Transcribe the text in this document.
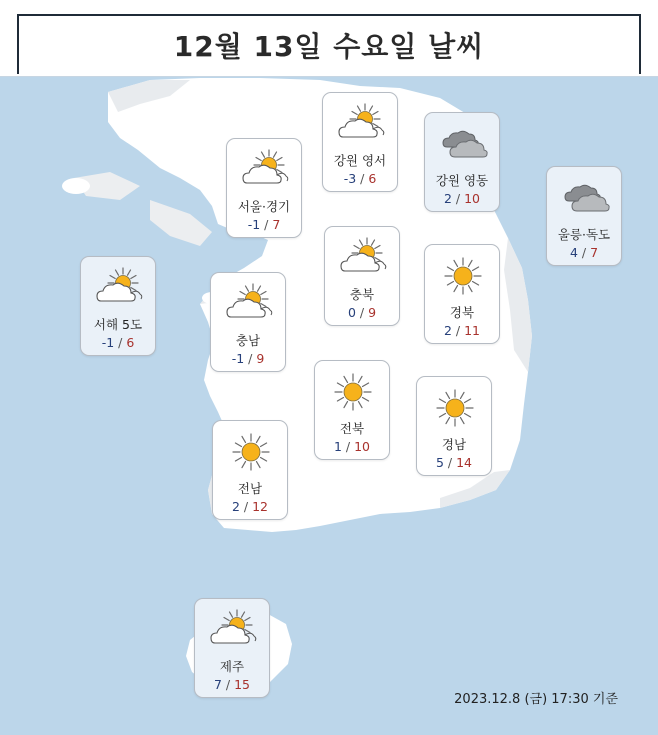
12월 13일 수요일 날씨
강원 영서
-3 / 6	강원 영동
2 / 10
서울·경기
-1 / 7
울릉·독도
4 / 7
서해 5도
-1 / 6
충북
0 / 9	경북
2 / 11
충남
-1 / 9
전북
1 / 10	경남
5 / 14
전남
2 / 12
제주
7 / 15
2023.12.8 (금) 17:30 기준
